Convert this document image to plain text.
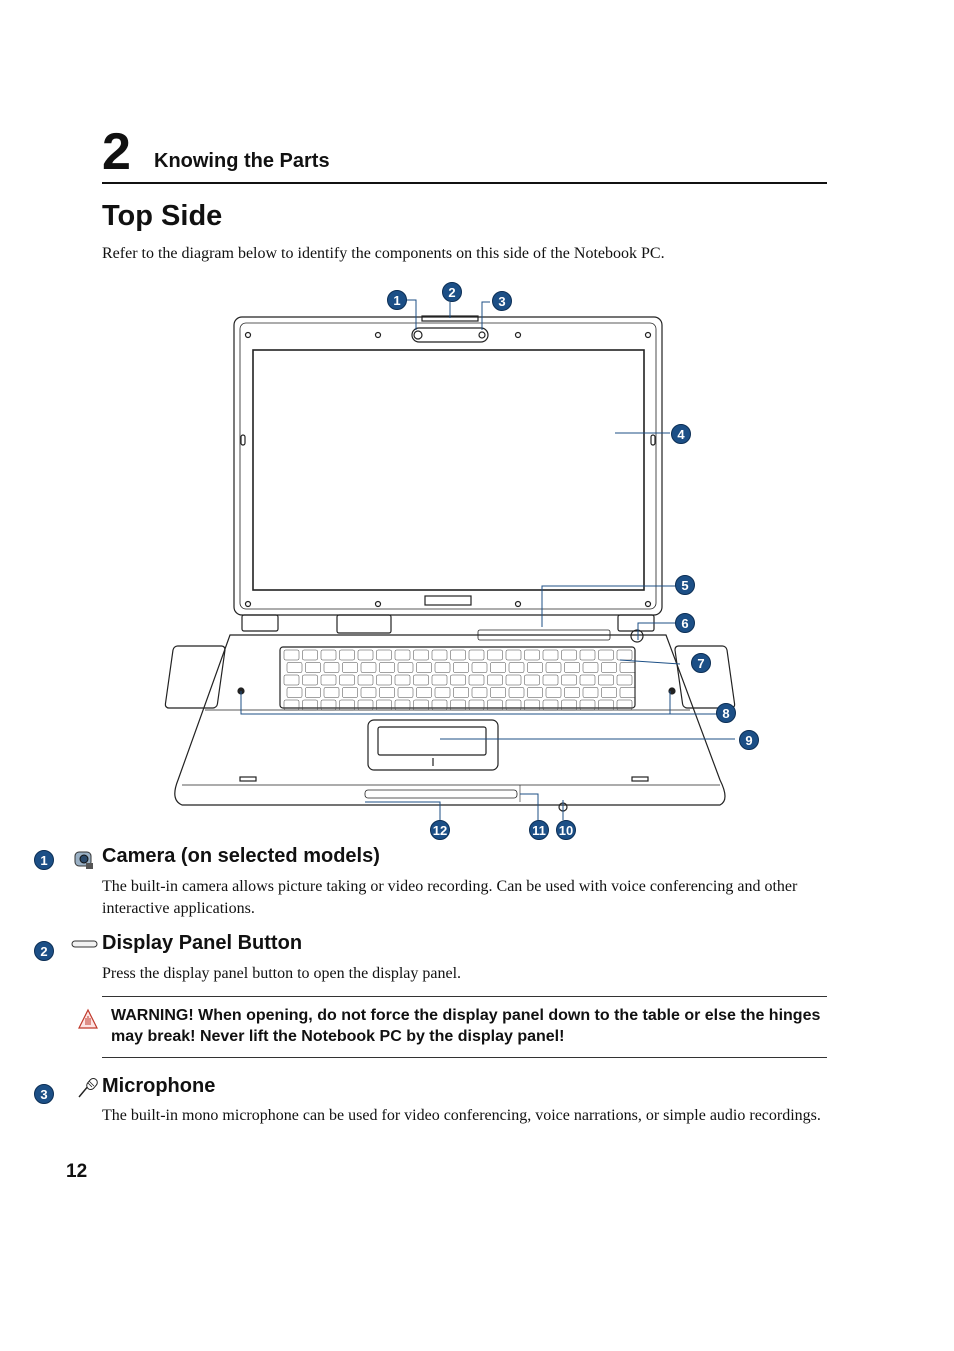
2 Knowing the Parts
Top Side
Refer to the diagram below to identify the components on this side of the Notebook PC.
1
2
3
4
5
6
7
8
9
10
11
12
1	Camera (on selected models)
The built-in camera allows picture taking or video recording. Can be used with voice conferencing and other interactive applications.
2	Display Panel Button
Press the display panel button to open the display panel.
WARNING! When opening, do not force the display panel down to the table or else the hinges may break! Never lift the Notebook PC by the display panel!
3	Microphone
The built-in mono microphone can be used for video conferencing, voice narrations, or simple audio recordings.
12
